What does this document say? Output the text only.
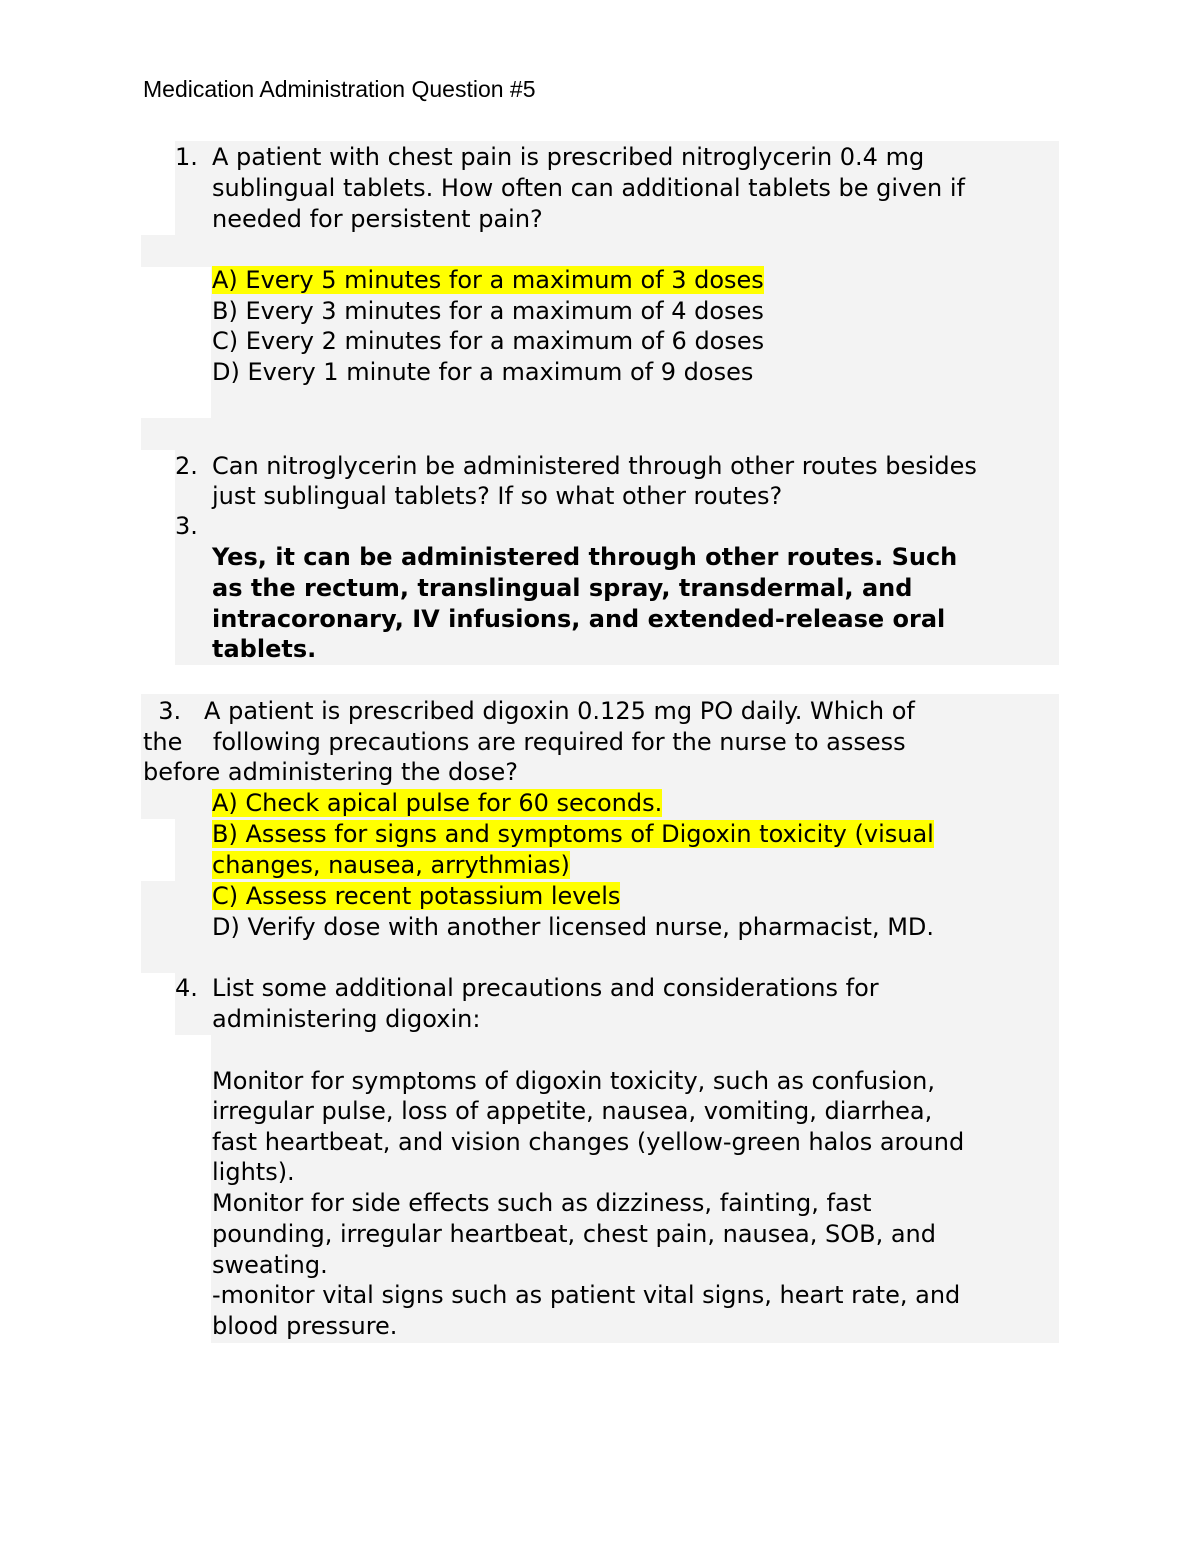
Medication Administration Question #5
1. A patient with chest pain is prescribed nitroglycerin 0.4 mg
sublingual tablets. How often can additional tablets be given if
needed for persistent pain?
A) Every 5 minutes for a maximum of 3 doses
B) Every 3 minutes for a maximum of 4 doses
C) Every 2 minutes for a maximum of 6 doses
D) Every 1 minute for a maximum of 9 doses
2. Can nitroglycerin be administered through other routes besides
just sublingual tablets? If so what other routes?
3.
Yes, it can be administered through other routes. Such
as the rectum, translingual spray, transdermal, and
intracoronary, IV infusions, and extended-release oral
tablets.
3.   A patient is prescribed digoxin 0.125 mg PO daily. Which of
the    following precautions are required for the nurse to assess
before administering the dose?
A) Check apical pulse for 60 seconds.
B) Assess for signs and symptoms of Digoxin toxicity (visual
changes, nausea, arrythmias)
C) Assess recent potassium levels
D) Verify dose with another licensed nurse, pharmacist, MD.
4. List some additional precautions and considerations for
administering digoxin:
Monitor for symptoms of digoxin toxicity, such as confusion,
irregular pulse, loss of appetite, nausea, vomiting, diarrhea,
fast heartbeat, and vision changes (yellow-green halos around
lights).
Monitor for side effects such as dizziness, fainting, fast
pounding, irregular heartbeat, chest pain, nausea, SOB, and
sweating.
-monitor vital signs such as patient vital signs, heart rate, and
blood pressure.
